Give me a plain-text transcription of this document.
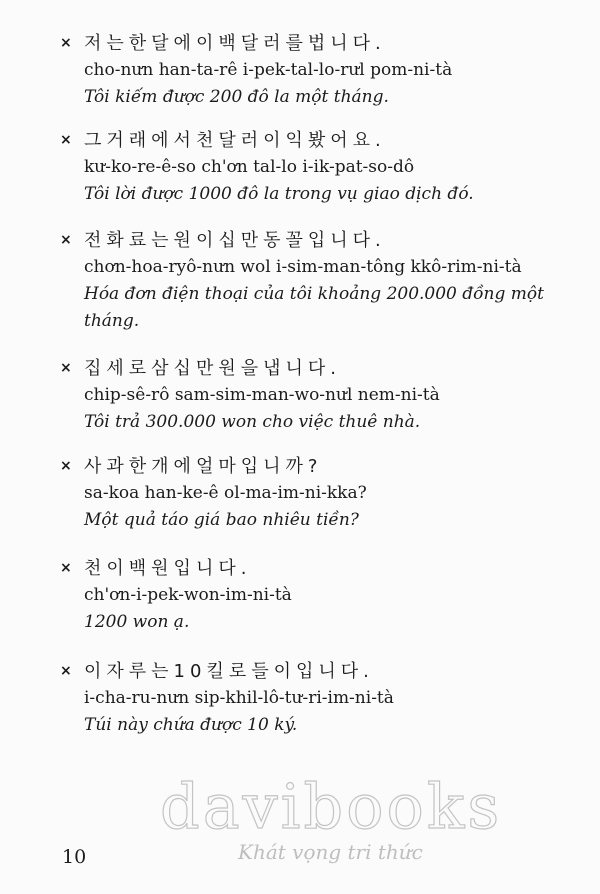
× 저는한달에이백달러를법니다.
cho-nưn han-ta-rê i-pek-tal-lo-rưl pom-ni-tà
Tôi kiếm được 200 đô la một tháng.
× 그거래에서천달러이익봤어요.
kư-ko-re-ê-so ch'ơn tal-lo i-ik-pat-so-dô
Tôi lời được 1000 đô la trong vụ giao dịch đó.
× 전화료는원이십만동꼴입니다.
chơn-hoa-ryô-nưn wol i-sim-man-tông kkô-rim-ni-tà
Hóa đơn điện thoại của tôi khoảng 200.000 đồng một tháng.
× 집세로삼십만원을냅니다.
chip-sê-rô sam-sim-man-wo-nưl nem-ni-tà
Tôi trả 300.000 won cho việc thuê nhà.
× 사과한개에얼마입니까?
sa-koa han-ke-ê ol-ma-im-ni-kka?
Một quả táo giá bao nhiêu tiền?
× 천이백원입니다.
ch'ơn-i-pek-won-im-ni-tà
1200 won ạ.
× 이자루는10킬로들이입니다.
i-cha-ru-nưn sip-khil-lô-tư-ri-im-ni-tà
Túi này chứa được 10 ký.
davibooks
Khát vọng tri thức
10
